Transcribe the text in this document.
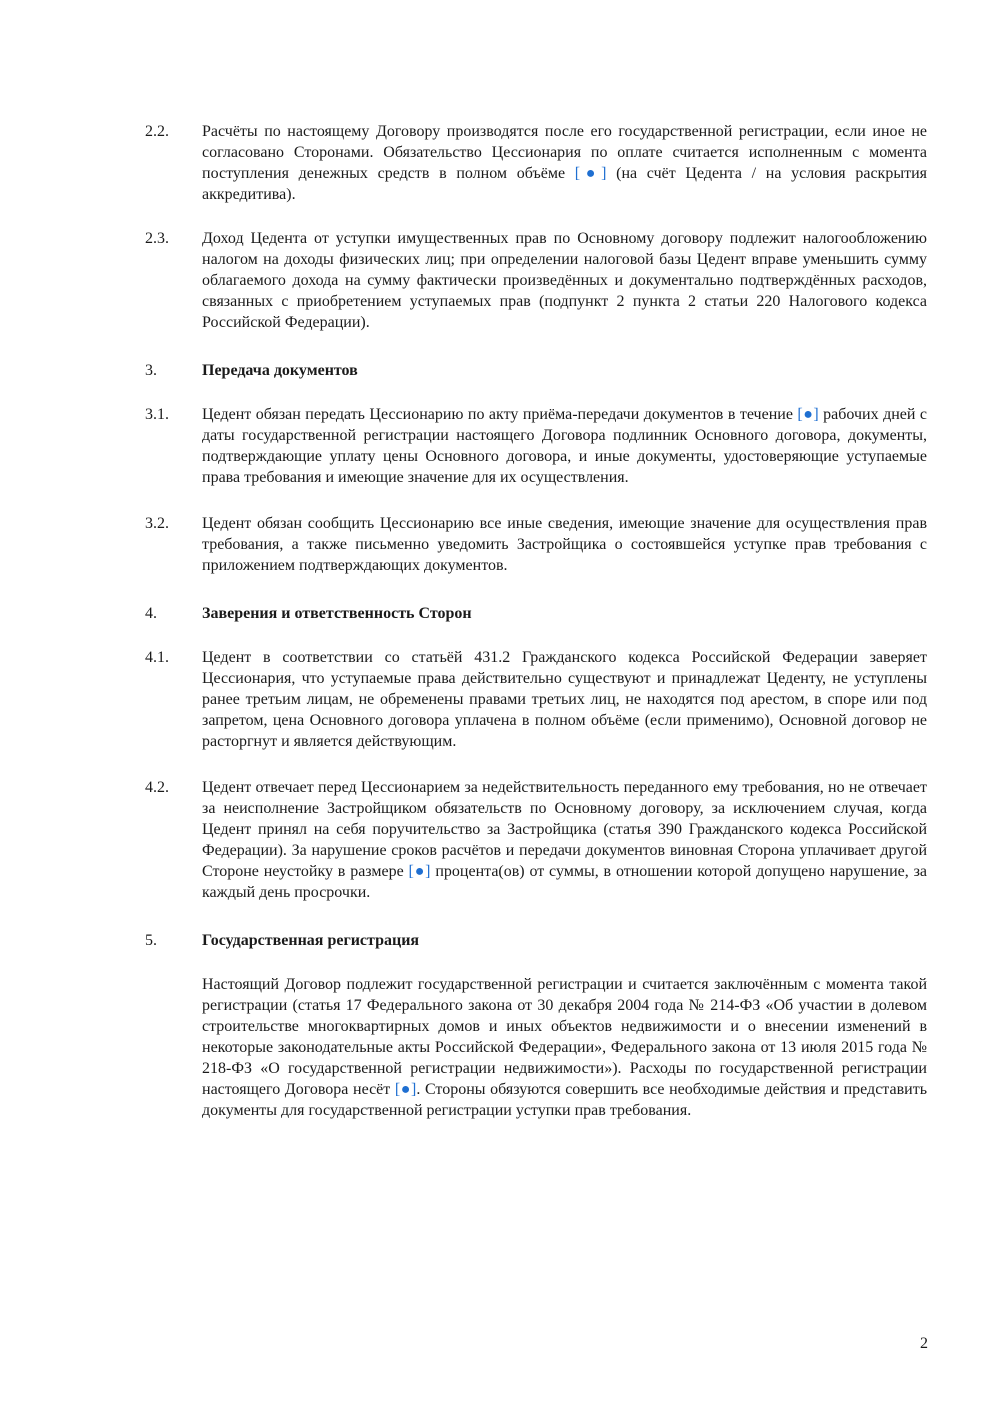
2.2.	Расчёты по настоящему Договору производятся после его государственной регистрации, если иное не согласовано Сторонами. Обязательство Цессионария по оплате считается исполненным с момента поступления денежных средств в полном объёме [●] (на счёт Цедента / на условия раскрытия аккредитива).
2.3.	Доход Цедента от уступки имущественных прав по Основному договору подлежит налогообложению налогом на доходы физических лиц; при определении налоговой базы Цедент вправе уменьшить сумму облагаемого дохода на сумму фактически произведённых и документально подтверждённых расходов, связанных с приобретением уступаемых прав (подпункт 2 пункта 2 статьи 220 Налогового кодекса Российской Федерации).
3.	Передача документов
3.1.	Цедент обязан передать Цессионарию по акту приёма-передачи документов в течение [●] рабочих дней с даты государственной регистрации настоящего Договора подлинник Основного договора, документы, подтверждающие уплату цены Основного договора, и иные документы, удостоверяющие уступаемые права требования и имеющие значение для их осуществления.
3.2.	Цедент обязан сообщить Цессионарию все иные сведения, имеющие значение для осуществления прав требования, а также письменно уведомить Застройщика о состоявшейся уступке прав требования с приложением подтверждающих документов.
4.	Заверения и ответственность Сторон
4.1.	Цедент в соответствии со статьёй 431.2 Гражданского кодекса Российской Федерации заверяет Цессионария, что уступаемые права действительно существуют и принадлежат Цеденту, не уступлены ранее третьим лицам, не обременены правами третьих лиц, не находятся под арестом, в споре или под запретом, цена Основного договора уплачена в полном объёме (если применимо), Основной договор не расторгнут и является действующим.
4.2.	Цедент отвечает перед Цессионарием за недействительность переданного ему требования, но не отвечает за неисполнение Застройщиком обязательств по Основному договору, за исключением случая, когда Цедент принял на себя поручительство за Застройщика (статья 390 Гражданского кодекса Российской Федерации). За нарушение сроков расчётов и передачи документов виновная Сторона уплачивает другой Стороне неустойку в размере [●] процента(ов) от суммы, в отношении которой допущено нарушение, за каждый день просрочки.
5.	Государственная регистрация
Настоящий Договор подлежит государственной регистрации и считается заключённым с момента такой регистрации (статья 17 Федерального закона от 30 декабря 2004 года № 214-ФЗ «Об участии в долевом строительстве многоквартирных домов и иных объектов недвижимости и о внесении изменений в некоторые законодательные акты Российской Федерации», Федерального закона от 13 июля 2015 года № 218-ФЗ «О государственной регистрации недвижимости»). Расходы по государственной регистрации настоящего Договора несёт [●]. Стороны обязуются совершить все необходимые действия и представить документы для государственной регистрации уступки прав требования.
2
